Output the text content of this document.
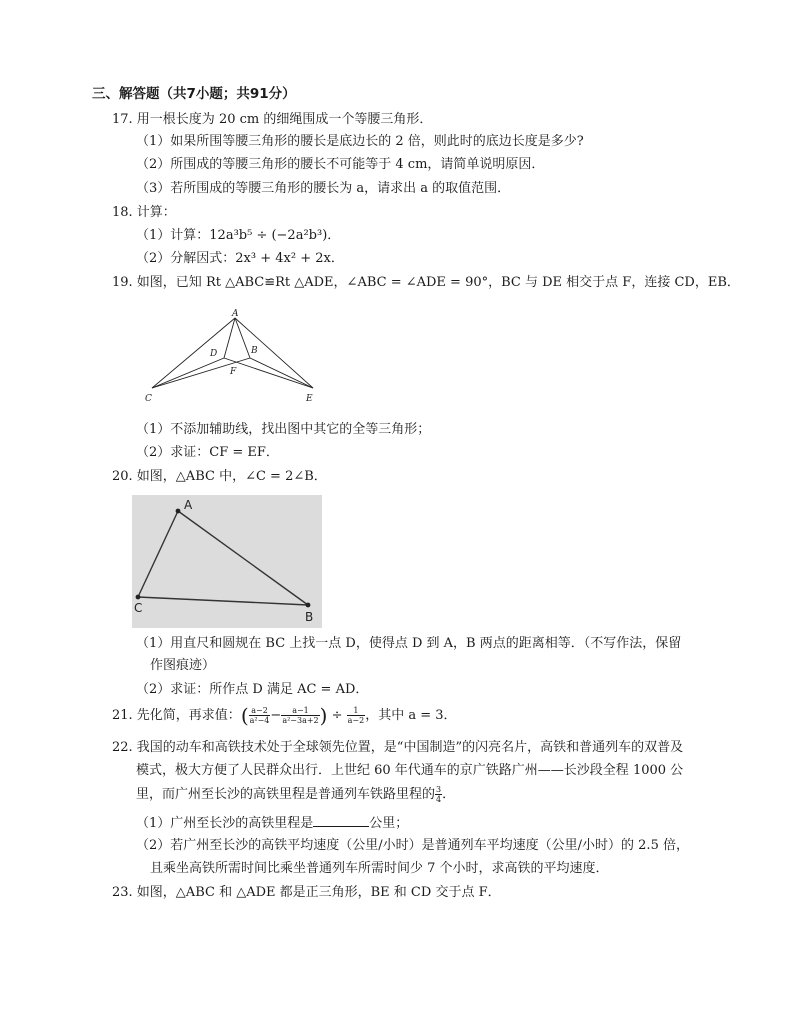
三、解答题（共7小题；共91分）
17. 用一根长度为 20 cm 的细绳围成一个等腰三角形．
（1）如果所围等腰三角形的腰长是底边长的 2 倍，则此时的底边长度是多少?
（2）所围成的等腰三角形的腰长不可能等于 4 cm，请简单说明原因．
（3）若所围成的等腰三角形的腰长为 a，请求出 a 的取值范围．
18. 计算：
（1）计算：12a³b⁵ ÷ (−2a²b³)．
（2）分解因式：2x³ + 4x² + 2x．
19. 如图，已知 Rt △ABC≌Rt △ADE，∠ABC = ∠ADE = 90°，BC 与 DE 相交于点 F，连接 CD，EB．
A
D	B
F
C	E
（1）不添加辅助线，找出图中其它的全等三角形；
（2）求证：CF = EF．
20. 如图，△ABC 中，∠C = 2∠B．
A
C
B
（1）用直尺和圆规在 BC 上找一点 D，使得点 D 到 A，B 两点的距离相等．（不写作法，保留
作图痕迹）
（2）求证：所作点 D 满足 AC = AD．
21. 先化简，再求值：( $\frac{a-2}{\text{a²−4}} - \frac{a-1}{\text{a²−3a+2}}$ ) ÷ $\frac{1}{a-2}$ ，其中 a = 3．
22. 我国的动车和高铁技术处于全球领先位置，是“中国制造”的闪亮名片，高铁和普通列车的双普及
模式，极大方便了人民群众出行．上世纪 60 年代通车的京广铁路广州——长沙段全程 1000 公
里，而广州至长沙的高铁里程是普通列车铁路里程的 $\frac{3}{4}$ ．
（1）广州至长沙的高铁里程是	公里；
（2）若广州至长沙的高铁平均速度（公里/小时）是普通列车平均速度（公里/小时）的 2.5 倍，
且乘坐高铁所需时间比乘坐普通列车所需时间少 7 个小时，求高铁的平均速度．
23. 如图，△ABC 和 △ADE 都是正三角形，BE 和 CD 交于点 F．
